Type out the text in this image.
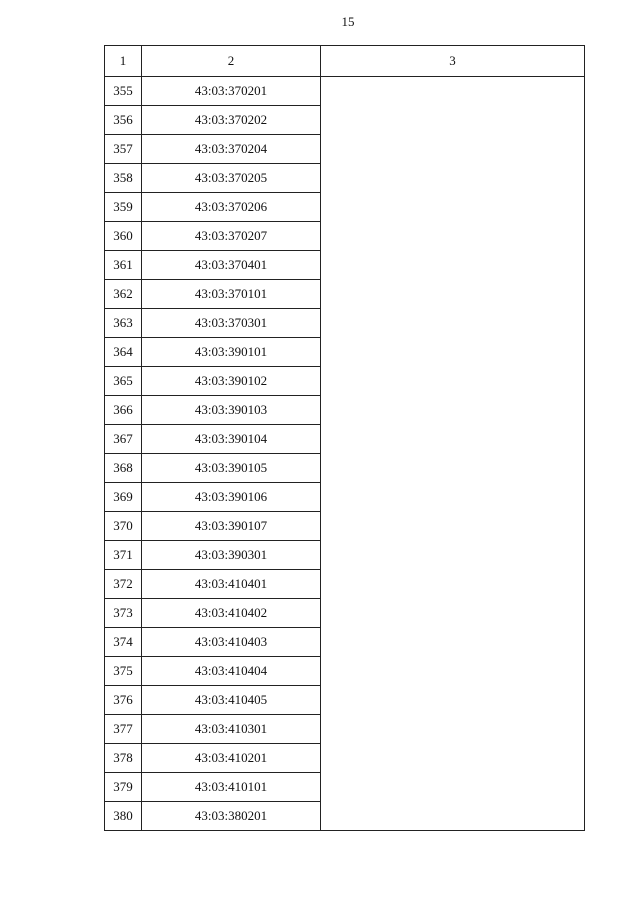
15
1	2	3
355	43:03:370201	
356	43:03:370202	
357	43:03:370204	
358	43:03:370205	
359	43:03:370206	
360	43:03:370207	
361	43:03:370401	
362	43:03:370101	
363	43:03:370301	
364	43:03:390101	
365	43:03:390102	
366	43:03:390103	
367	43:03:390104	
368	43:03:390105	
369	43:03:390106	
370	43:03:390107	
371	43:03:390301	
372	43:03:410401	
373	43:03:410402	
374	43:03:410403	
375	43:03:410404	
376	43:03:410405	
377	43:03:410301	
378	43:03:410201	
379	43:03:410101	
380	43:03:380201	
